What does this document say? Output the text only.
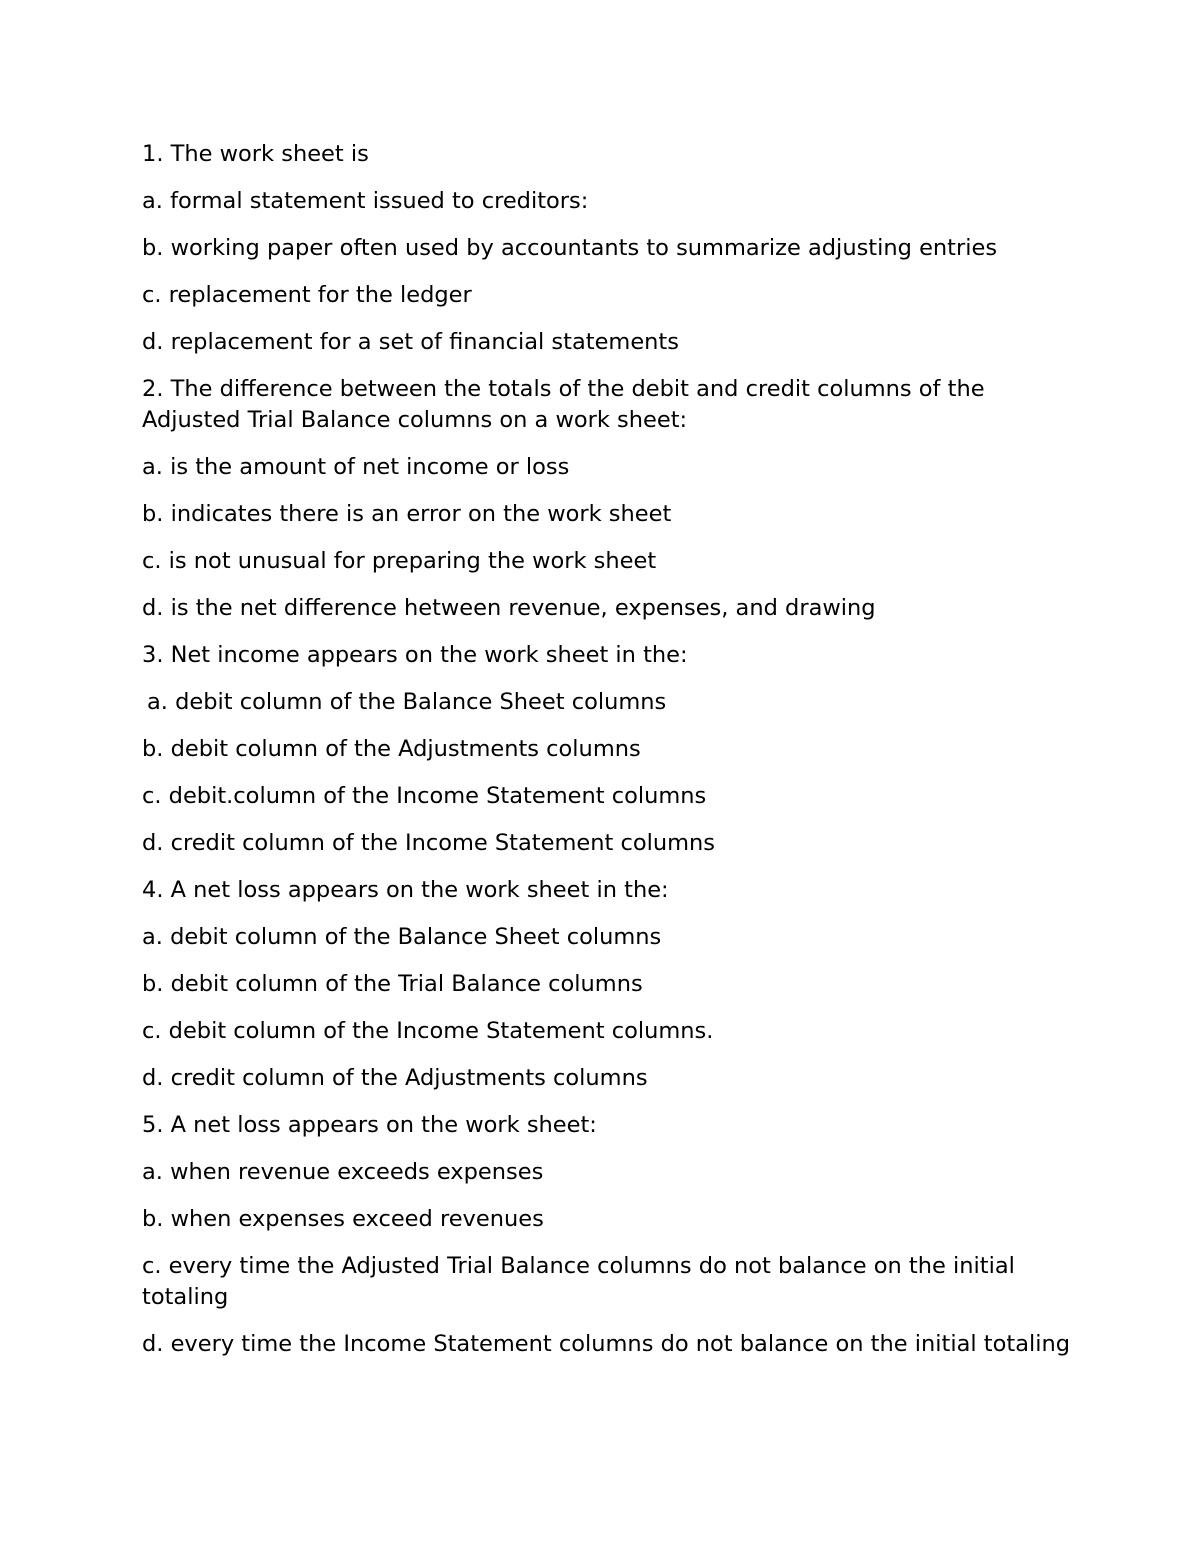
1. The work sheet is

a. formal statement issued to creditors:

b. working paper often used by accountants to summarize adjusting entries

c. replacement for the ledger

d. replacement for a set of financial statements

2. The difference between the totals of the debit and credit columns of the Adjusted Trial Balance columns on a work sheet:

a. is the amount of net income or loss

b. indicates there is an error on the work sheet

c. is not unusual for preparing the work sheet

d. is the net difference hetween revenue, expenses, and drawing

3. Net income appears on the work sheet in the:

a. debit column of the Balance Sheet columns

b. debit column of the Adjustments columns

c. debit.column of the Income Statement columns

d. credit column of the Income Statement columns

4. A net loss appears on the work sheet in the:

a. debit column of the Balance Sheet columns

b. debit column of the Trial Balance columns

c. debit column of the Income Statement columns.

d. credit column of the Adjustments columns

5. A net loss appears on the work sheet:

a. when revenue exceeds expenses

b. when expenses exceed revenues

c. every time the Adjusted Trial Balance columns do not balance on the initial totaling

d. every time the Income Statement columns do not balance on the initial totaling
